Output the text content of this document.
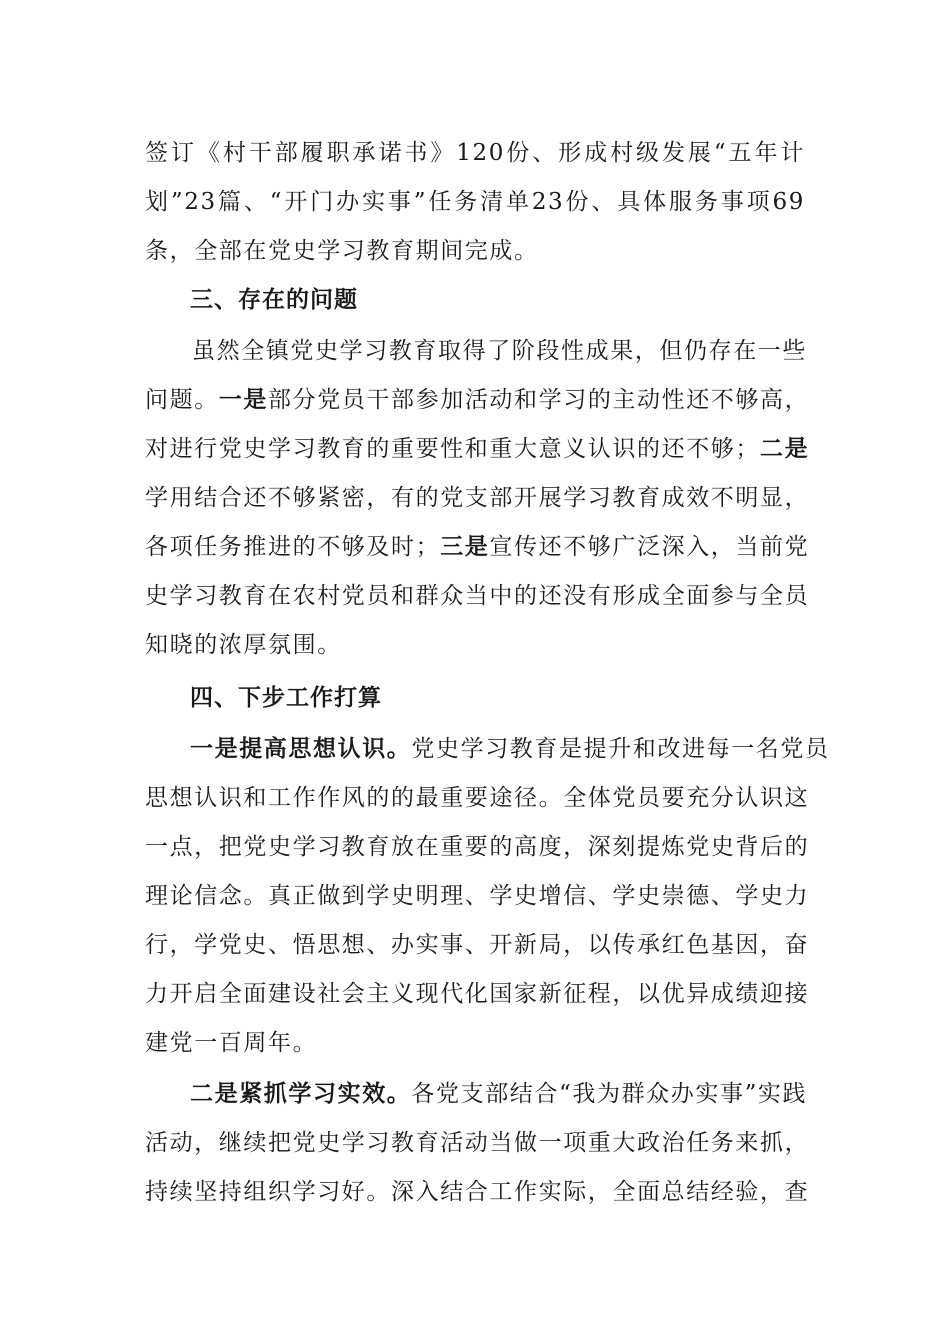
签订《村干部履职承诺书》120份、形成村级发展“五年计
划”23篇、“开门办实事”任务清单23份、具体服务事项69
条，全部在党史学习教育期间完成。
三、存在的问题
虽然全镇党史学习教育取得了阶段性成果，但仍存在一些
问题。一是部分党员干部参加活动和学习的主动性还不够高，
对进行党史学习教育的重要性和重大意义认识的还不够；二是
学用结合还不够紧密，有的党支部开展学习教育成效不明显，
各项任务推进的不够及时；三是宣传还不够广泛深入，当前党
史学习教育在农村党员和群众当中的还没有形成全面参与全员
知晓的浓厚氛围。
四、下步工作打算
一是提高思想认识。党史学习教育是提升和改进每一名党员
思想认识和工作作风的的最重要途径。全体党员要充分认识这
一点，把党史学习教育放在重要的高度，深刻提炼党史背后的
理论信念。真正做到学史明理、学史增信、学史崇德、学史力
行，学党史、悟思想、办实事、开新局，以传承红色基因，奋
力开启全面建设社会主义现代化国家新征程，以优异成绩迎接
建党一百周年。
二是紧抓学习实效。各党支部结合“我为群众办实事”实践
活动，继续把党史学习教育活动当做一项重大政治任务来抓，
持续坚持组织学习好。深入结合工作实际，全面总结经验，查
